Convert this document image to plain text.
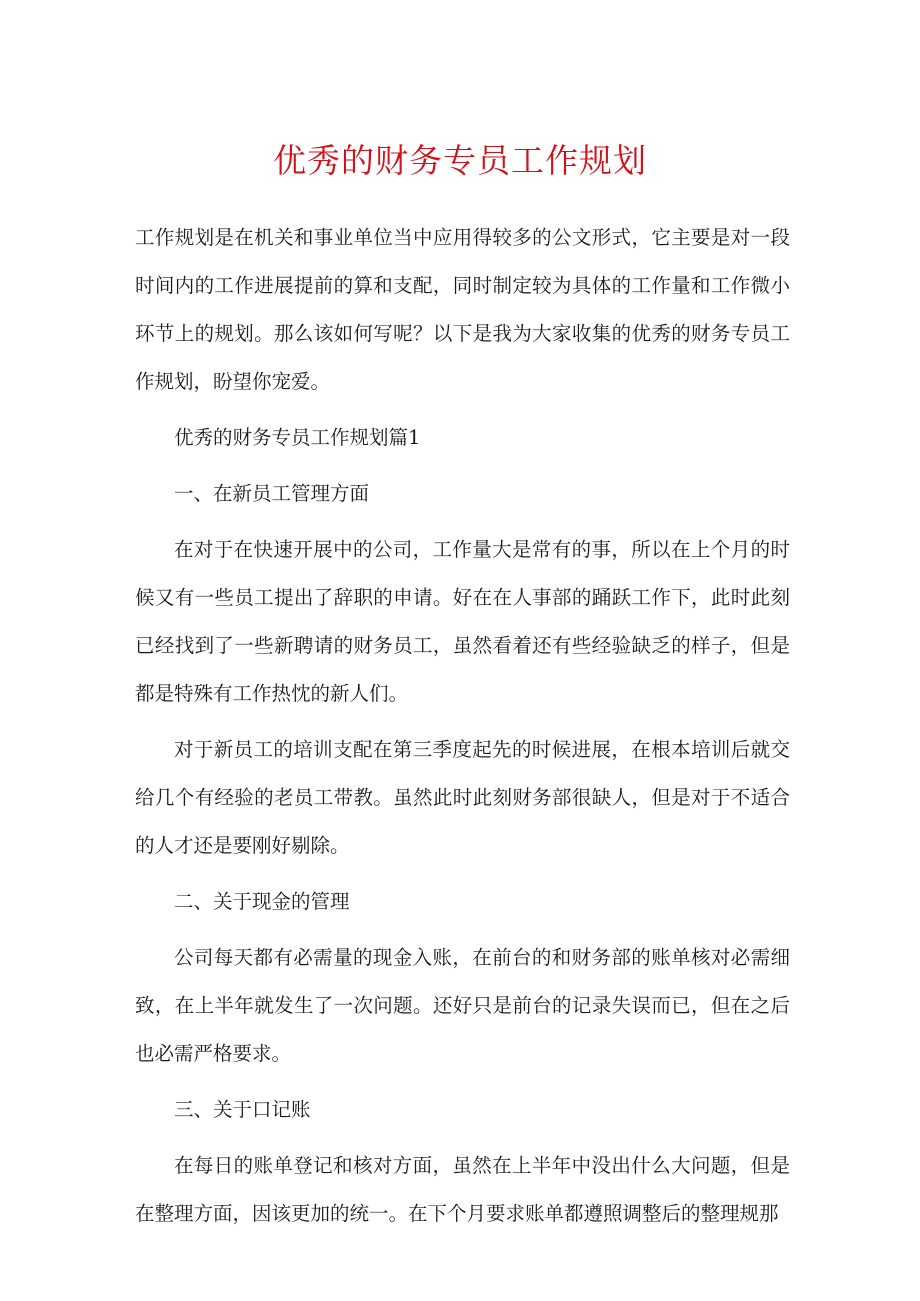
优秀的财务专员工作规划

工作规划是在机关和事业单位当中应用得较多的公文形式，它主要是对一段时间内的工作进展提前的算和支配，同时制定较为具体的工作量和工作微小环节上的规划。那么该如何写呢？以下是我为大家收集的优秀的财务专员工作规划，盼望你宠爱。

优秀的财务专员工作规划篇1

一、在新员工管理方面

在对于在快速开展中的公司，工作量大是常有的事，所以在上个月的时候又有一些员工提出了辞职的申请。好在在人事部的踊跃工作下，此时此刻已经找到了一些新聘请的财务员工，虽然看着还有些经验缺乏的样子，但是都是特殊有工作热忱的新人们。

对于新员工的培训支配在第三季度起先的时候进展，在根本培训后就交给几个有经验的老员工带教。虽然此时此刻财务部很缺人，但是对于不适合的人才还是要刚好剔除。

二、关于现金的管理

公司每天都有必需量的现金入账，在前台的和财务部的账单核对必需细致，在上半年就发生了一次问题。还好只是前台的记录失误而已，但在之后也必需严格要求。

三、关于口记账

在每日的账单登记和核对方面，虽然在上半年中没出什么大问题，但是在整理方面，因该更加的统一。在下个月要求账单都遵照调整后的整理规那
